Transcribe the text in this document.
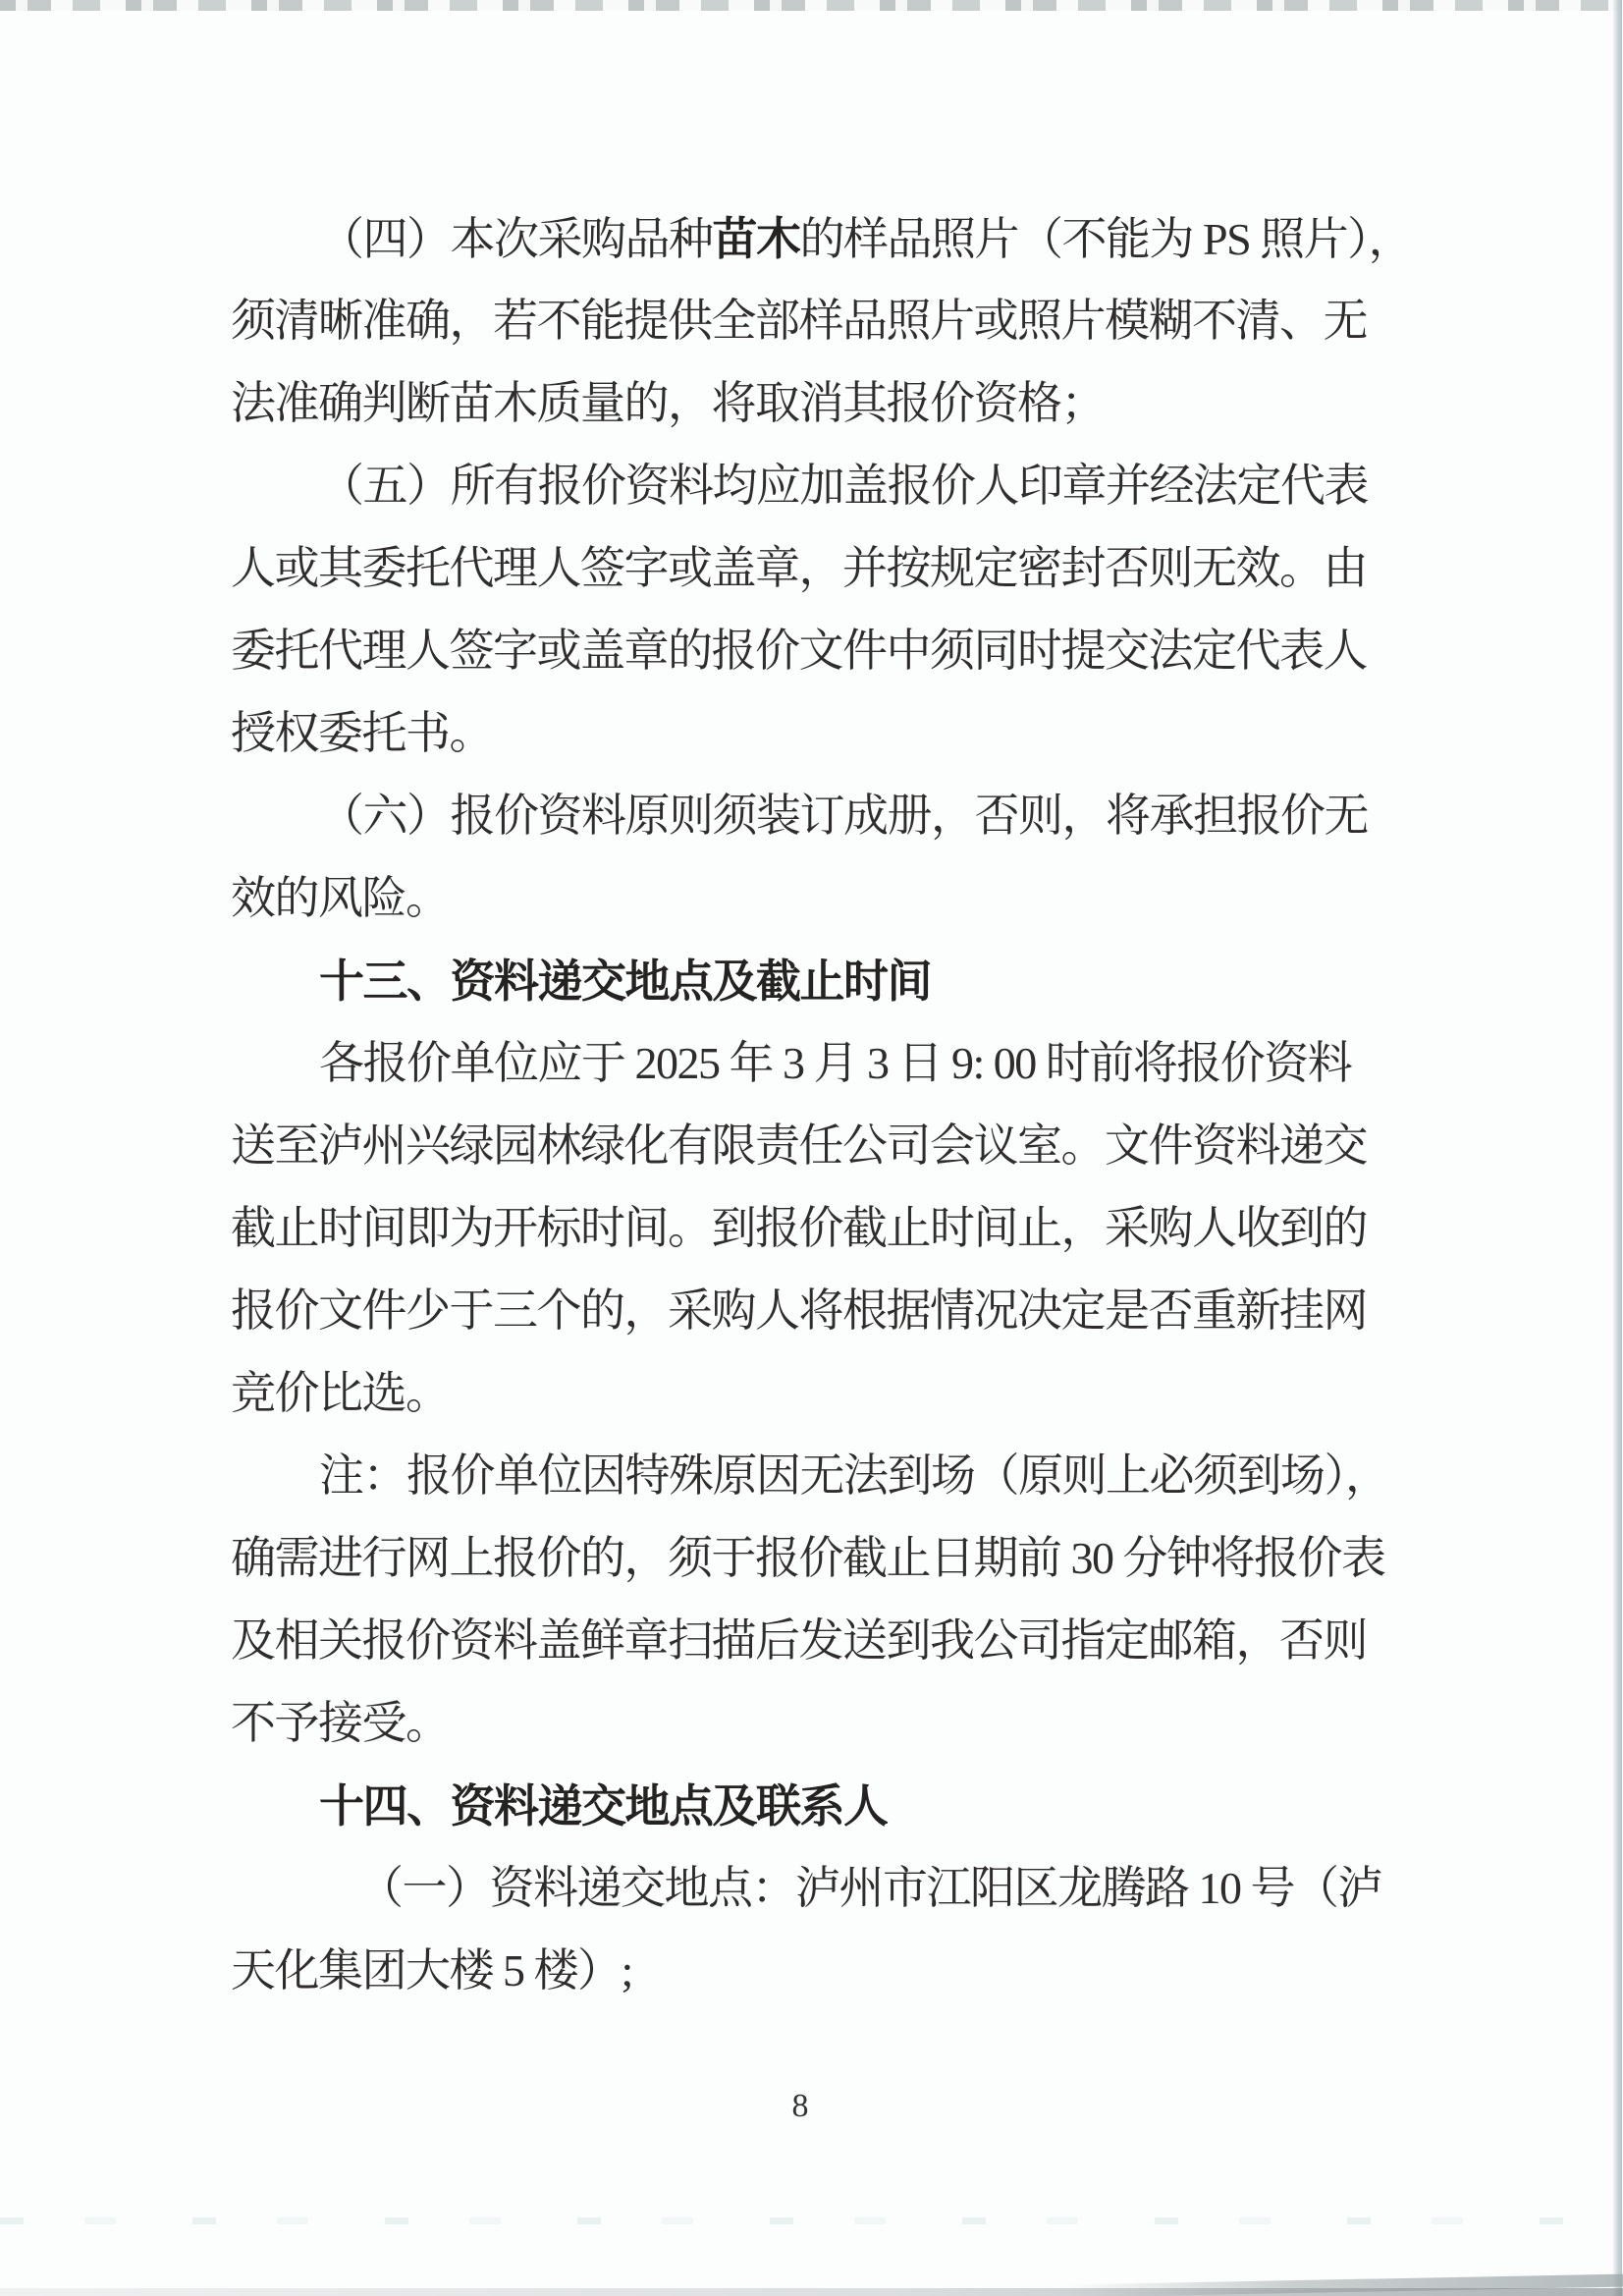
（四）本次采购品种苗木的样品照片（不能为 PS 照片），
须清晰准确，若不能提供全部样品照片或照片模糊不清、无
法准确判断苗木质量的，将取消其报价资格；
（五）所有报价资料均应加盖报价人印章并经法定代表
人或其委托代理人签字或盖章，并按规定密封否则无效。由
委托代理人签字或盖章的报价文件中须同时提交法定代表人
授权委托书。
（六）报价资料原则须装订成册，否则，将承担报价无
效的风险。
十三、资料递交地点及截止时间
各报价单位应于 2025 年 3 月 3 日 9: 00 时前将报价资料
送至泸州兴绿园林绿化有限责任公司会议室。文件资料递交
截止时间即为开标时间。到报价截止时间止，采购人收到的
报价文件少于三个的，采购人将根据情况决定是否重新挂网
竞价比选。
注：报价单位因特殊原因无法到场（原则上必须到场），
确需进行网上报价的，须于报价截止日期前 30 分钟将报价表
及相关报价资料盖鲜章扫描后发送到我公司指定邮箱，否则
不予接受。
十四、资料递交地点及联系人
（一）资料递交地点：泸州市江阳区龙腾路 10 号（泸
天化集团大楼 5 楼）;
8
